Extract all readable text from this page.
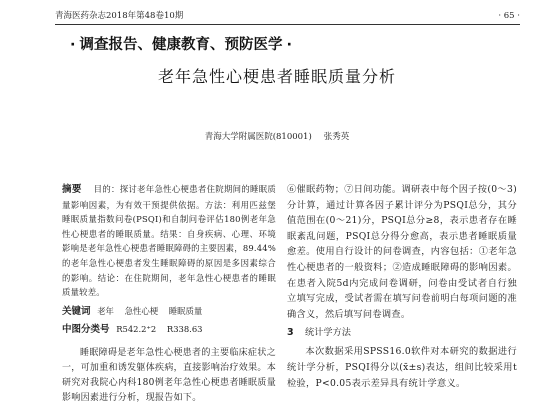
青海医药杂志2018年第48卷10期	· 65 ·
· 调查报告、健康教育、预防医学 ·
老年急性心梗患者睡眠质量分析
青海大学附属医院(810001) 张秀英

摘要 目的：探讨老年急性心梗患者住院期间的睡眠质量影响因素，为有效干预提供依据。方法：利用匹兹堡睡眠质量指数问卷(PSQI)和自制问卷评估180例老年急性心梗患者的睡眠质量。结果：自身疾病、心理、环境影响是老年急性心梗患者睡眠障碍的主要因素，89.44%的老年急性心梗患者发生睡眠障碍的原因是多因素综合的影响。结论：在住院期间，老年急性心梗患者的睡眠质量较差。

关键词 老年 急性心梗 睡眠质量
中图分类号 R542.2⁺2 R338.63

睡眠障碍是老年急性心梗患者的主要临床症状之一，可加重和诱发躯体疾病，直接影响治疗效果。本研究对我院心内科180例老年急性心梗患者睡眠质量影响因素进行分析，现报告如下。

⑥催眠药物；⑦日间功能。调研表中每个因子按(0～3)分计算，通过计算各因子累计评分为PSQI总分，其分值范围在(0～21)分，PSQI总分≥8，表示患者存在睡眠紊乱问题，PSQI总分得分愈高，表示患者睡眠质量愈差。使用自行设计的问卷调查，内容包括：①老年急性心梗患者的一般资料；②造成睡眠障碍的影响因素。在患者入院5d内完成问卷调研，问卷由受试者自行独立填写完成，受试者需在填写问卷前明白每项问题的准确含义，然后填写问卷调查。

3 统计学方法

本次数据采用SPSS16.0软件对本研究的数据进行统计学分析，PSQI得分以(x̄±s)表达，组间比较采用t检验，P<0.05表示差异具有统计学意义。
